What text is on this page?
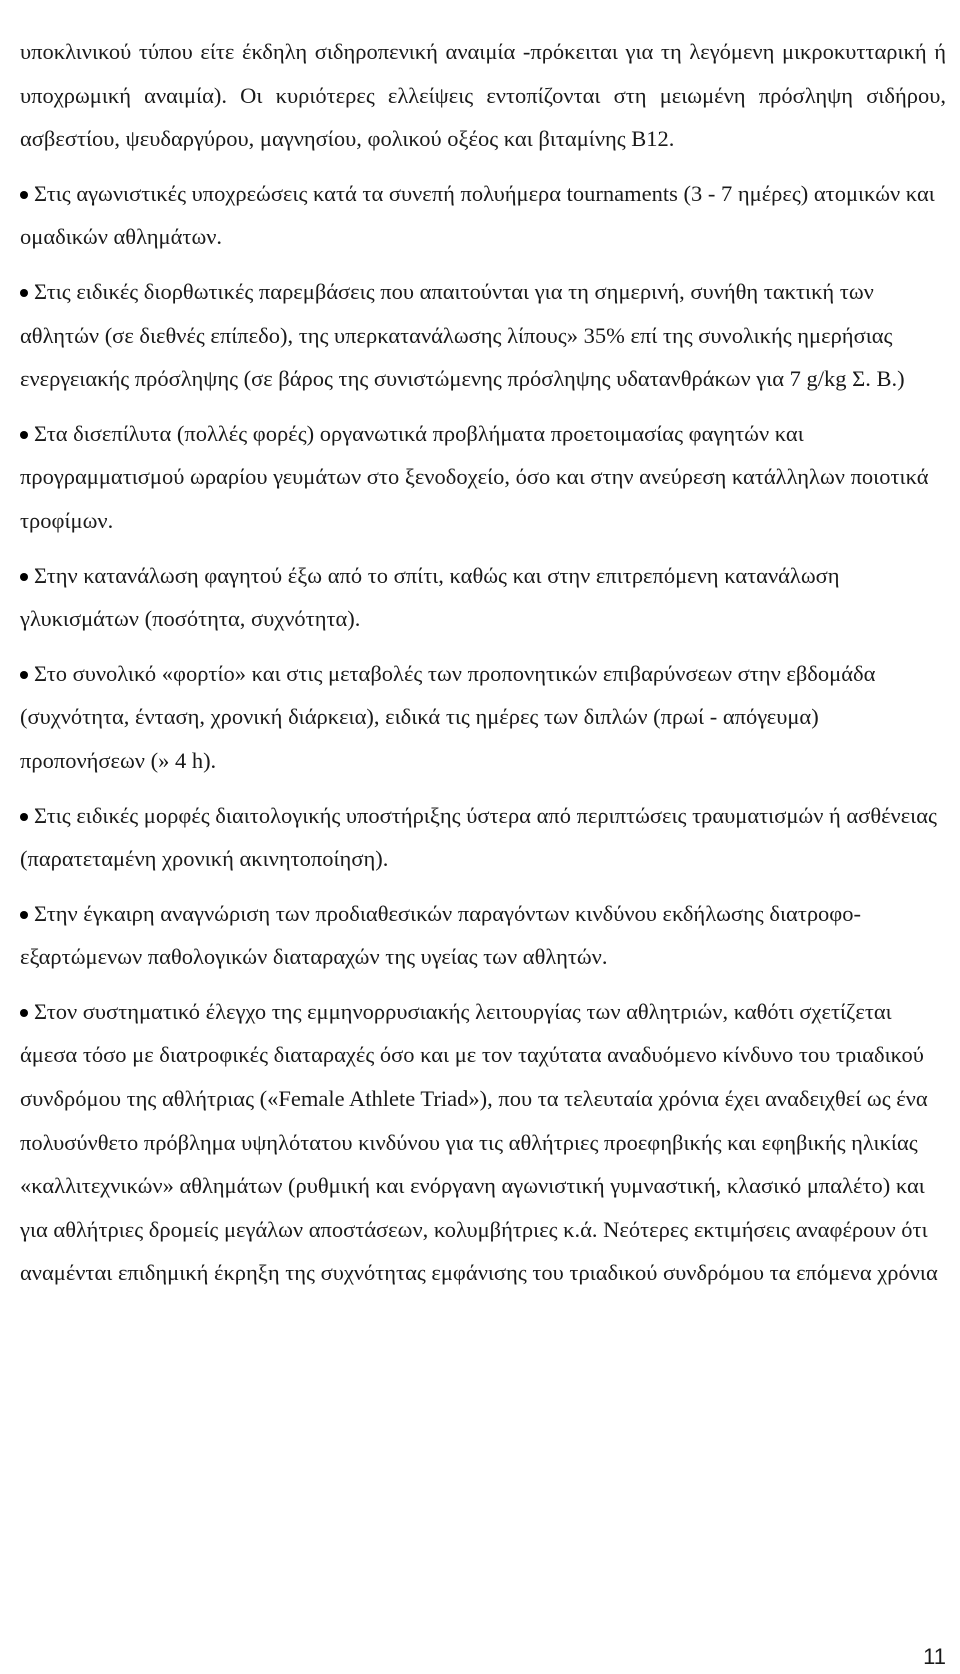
υποκλινικού τύπου είτε έκδηλη σιδηροπενική αναιμία -πρόκειται για τη λεγόμενη μικροκυτταρική ή υποχρωμική αναιμία). Οι κυριότερες ελλείψεις εντοπίζονται στη μειωμένη πρόσληψη σιδήρου, ασβεστίου, ψευδαργύρου, μαγνησίου, φολικού οξέος και βιταμίνης Β12.

Στις αγωνιστικές υποχρεώσεις κατά τα συνεπή πολυήμερα tournaments (3 - 7 ημέρες) ατομικών και ομαδικών αθλημάτων.

Στις ειδικές διορθωτικές παρεμβάσεις που απαιτούνται για τη σημερινή, συνήθη τακτική των αθλητών (σε διεθνές επίπεδο), της υπερκατανάλωσης λίπους» 35% επί της συνολικής ημερήσιας ενεργειακής πρόσληψης (σε βάρος της συνιστώμενης πρόσληψης υδατανθράκων για 7 g/kg Σ. Β.)

Στα δισεπίλυτα (πολλές φορές) οργανωτικά προβλήματα προετοιμασίας φαγητών και προγραμματισμού ωραρίου γευμάτων στο ξενοδοχείο, όσο και στην ανεύρεση κατάλληλων ποιοτικά τροφίμων.

Στην κατανάλωση φαγητού έξω από το σπίτι, καθώς και στην επιτρεπόμενη κατανάλωση γλυκισμάτων (ποσότητα, συχνότητα).

Στο συνολικό «φορτίο» και στις μεταβολές των προπονητικών επιβαρύνσεων στην εβδομάδα (συχνότητα, ένταση, χρονική διάρκεια), ειδικά τις ημέρες των διπλών (πρωί - απόγευμα) προπονήσεων (» 4 h).

Στις ειδικές μορφές διαιτολογικής υποστήριξης ύστερα από περιπτώσεις τραυματισμών ή ασθένειας (παρατεταμένη χρονική ακινητοποίηση).

Στην έγκαιρη αναγνώριση των προδιαθεσικών παραγόντων κινδύνου εκδήλωσης διατροφο-εξαρτώμενων παθολογικών διαταραχών της υγείας των αθλητών.

Στον συστηματικό έλεγχο της εμμηνορρυσιακής λειτουργίας των αθλητριών, καθότι σχετίζεται άμεσα τόσο με διατροφικές διαταραχές όσο και με τον ταχύτατα αναδυόμενο κίνδυνο του τριαδικού συνδρόμου της αθλήτριας («Female Athlete Triad»), που τα τελευταία χρόνια έχει αναδειχθεί ως ένα πολυσύνθετο πρόβλημα υψηλότατου κινδύνου για τις αθλήτριες προεφηβικής και εφηβικής ηλικίας «καλλιτεχνικών» αθλημάτων (ρυθμική και ενόργανη αγωνιστική γυμναστική, κλασικό μπαλέτο) και για αθλήτριες δρομείς μεγάλων αποστάσεων, κολυμβήτριες κ.ά. Νεότερες εκτιμήσεις αναφέρουν ότι αναμένται επιδημική έκρηξη της συχνότητας εμφάνισης του τριαδικού συνδρόμου τα επόμενα χρόνια

11
